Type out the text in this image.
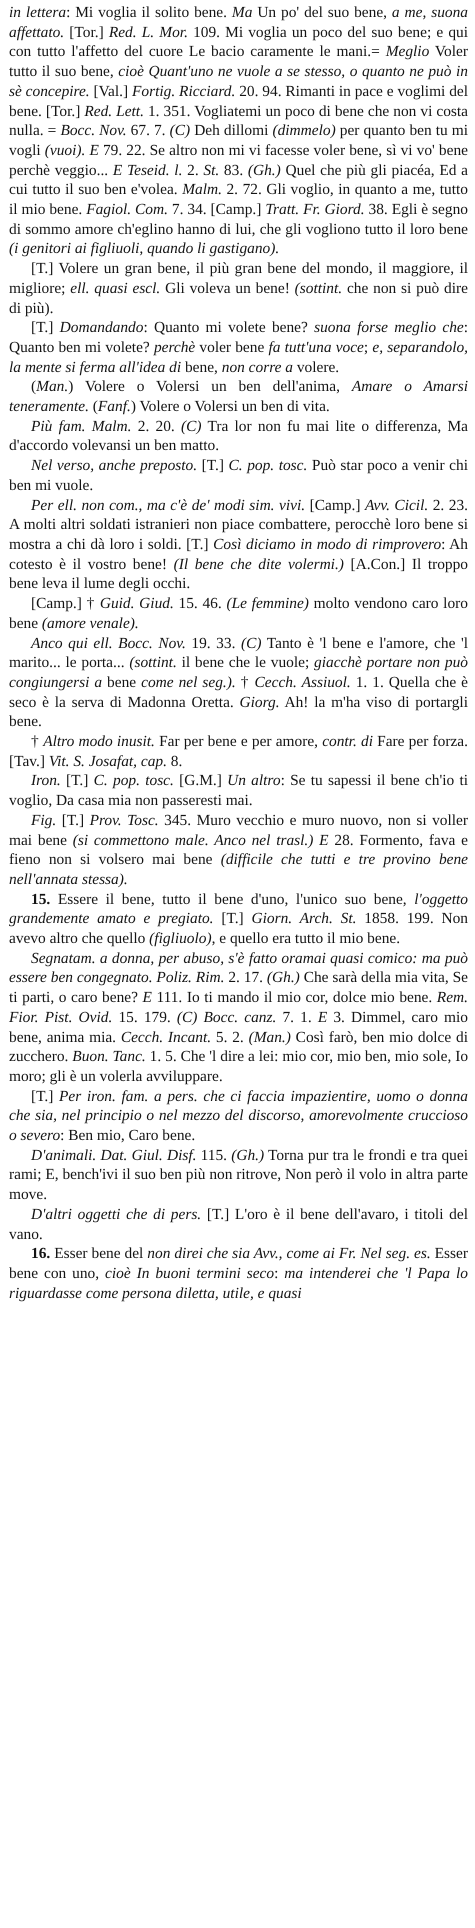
in lettera: Mi voglia il solito bene. Ma Un po' del suo bene, a me, suona affettato. [Tor.] Red. L. Mor. 109. Mi voglia un poco del suo bene; e qui con tutto l'affetto del cuore Le bacio caramente le mani.= Meglio Voler tutto il suo bene, cioè Quant'uno ne vuole a se stesso, o quanto ne può in sè concepire. [Val.] Fortig. Ricciard. 20. 94. Rimanti in pace e voglimi del bene. [Tor.] Red. Lett. 1. 351. Vogliatemi un poco di bene che non vi costa nulla. = Bocc. Nov. 67. 7. (C) Deh dillomi (dimmelo) per quanto ben tu mi vogli (vuoi). E 79. 22. Se altro non mi vi facesse voler bene, sì vi vo' bene perchè veggio... E Teseid. l. 2. St. 83. (Gh.) Quel che più gli piacéa, Ed a cui tutto il suo ben e'volea. Malm. 2. 72. Gli voglio, in quanto a me, tutto il mio bene. Fagiol. Com. 7. 34. [Camp.] Tratt. Fr. Giord. 38. Egli è segno di sommo amore ch'eglino hanno di lui, che gli vogliono tutto il loro bene (i genitori ai figliuoli, quando li gastigano).

[T.] Volere un gran bene, il più gran bene del mondo, il maggiore, il migliore; ell. quasi escl. Gli voleva un bene! (sottint. che non si può dire di più).

[T.] Domandando: Quanto mi volete bene? suona forse meglio che: Quanto ben mi volete? perchè voler bene fa tutt'una voce; e, separandolo, la mente si ferma all'idea di bene, non corre a volere.

(Man.) Volere o Volersi un ben dell'anima, Amare o Amarsi teneramente. (Fanf.) Volere o Volersi un ben di vita.

Più fam. Malm. 2. 20. (C) Tra lor non fu mai lite o differenza, Ma d'accordo volevansi un ben matto.

Nel verso, anche preposto. [T.] C. pop. tosc. Può star poco a venir chi ben mi vuole.

Per ell. non com., ma c'è de' modi sim. vivi. [Camp.] Avv. Cicil. 2. 23. A molti altri soldati istranieri non piace combattere, perocchè loro bene si mostra a chi dà loro i soldi. [T.] Così diciamo in modo di rimprovero: Ah cotesto è il vostro bene! (Il bene che dite volermi.) [A.Con.] Il troppo bene leva il lume degli occhi.

[Camp.] † Guid. Giud. 15. 46. (Le femmine) molto vendono caro loro bene (amore venale).

Anco qui ell. Bocc. Nov. 19. 33. (C) Tanto è 'l bene e l'amore, che 'l marito... le porta... (sottint. il bene che le vuole; giacchè portare non può congiungersi a bene come nel seg.). † Cecch. Assiuol. 1. 1. Quella che è seco è la serva di Madonna Oretta. Giorg. Ah! la m'ha viso di portargli bene.

† Altro modo inusit. Far per bene e per amore, contr. di Fare per forza. [Tav.] Vit. S. Josafat, cap. 8.

Iron. [T.] C. pop. tosc. [G.M.] Un altro: Se tu sapessi il bene ch'io ti voglio, Da casa mia non passeresti mai.

Fig. [T.] Prov. Tosc. 345. Muro vecchio e muro nuovo, non si voller mai bene (si commettono male. Anco nel trasl.) E 28. Formento, fava e fieno non si volsero mai bene (difficile che tutti e tre provino bene nell'annata stessa).

15. Essere il bene, tutto il bene d'uno, l'unico suo bene, l'oggetto grandemente amato e pregiato. [T.] Giorn. Arch. St. 1858. 199. Non avevo altro che quello (figliuolo), e quello era tutto il mio bene.

Segnatam. a donna, per abuso, s'è fatto oramai quasi comico: ma può essere ben congegnato. Poliz. Rim. 2. 17. (Gh.) Che sarà della mia vita, Se ti parti, o caro bene? E 111. Io ti mando il mio cor, dolce mio bene. Rem. Fior. Pist. Ovid. 15. 179. (C) Bocc. canz. 7. 1. E 3. Dimmel, caro mio bene, anima mia. Cecch. Incant. 5. 2. (Man.) Così farò, ben mio dolce di zucchero. Buon. Tanc. 1. 5. Che 'l dire a lei: mio cor, mio ben, mio sole, Io moro; gli è un volerla avviluppare.

[T.] Per iron. fam. a pers. che ci faccia impazientire, uomo o donna che sia, nel principio o nel mezzo del discorso, amorevolmente cruccioso o severo: Ben mio, Caro bene.

D'animali. Dat. Giul. Disf. 115. (Gh.) Torna pur tra le frondi e tra quei rami; E, bench'ivi il suo ben più non ritrove, Non però il volo in altra parte move.

D'altri oggetti che di pers. [T.] L'oro è il bene dell'avaro, i titoli del vano.

16. Esser bene del non direi che sia Avv., come ai Fr. Nel seg. es. Esser bene con uno, cioè In buoni termini seco: ma intenderei che 'l Papa lo riguardasse come persona diletta, utile, e quasi
